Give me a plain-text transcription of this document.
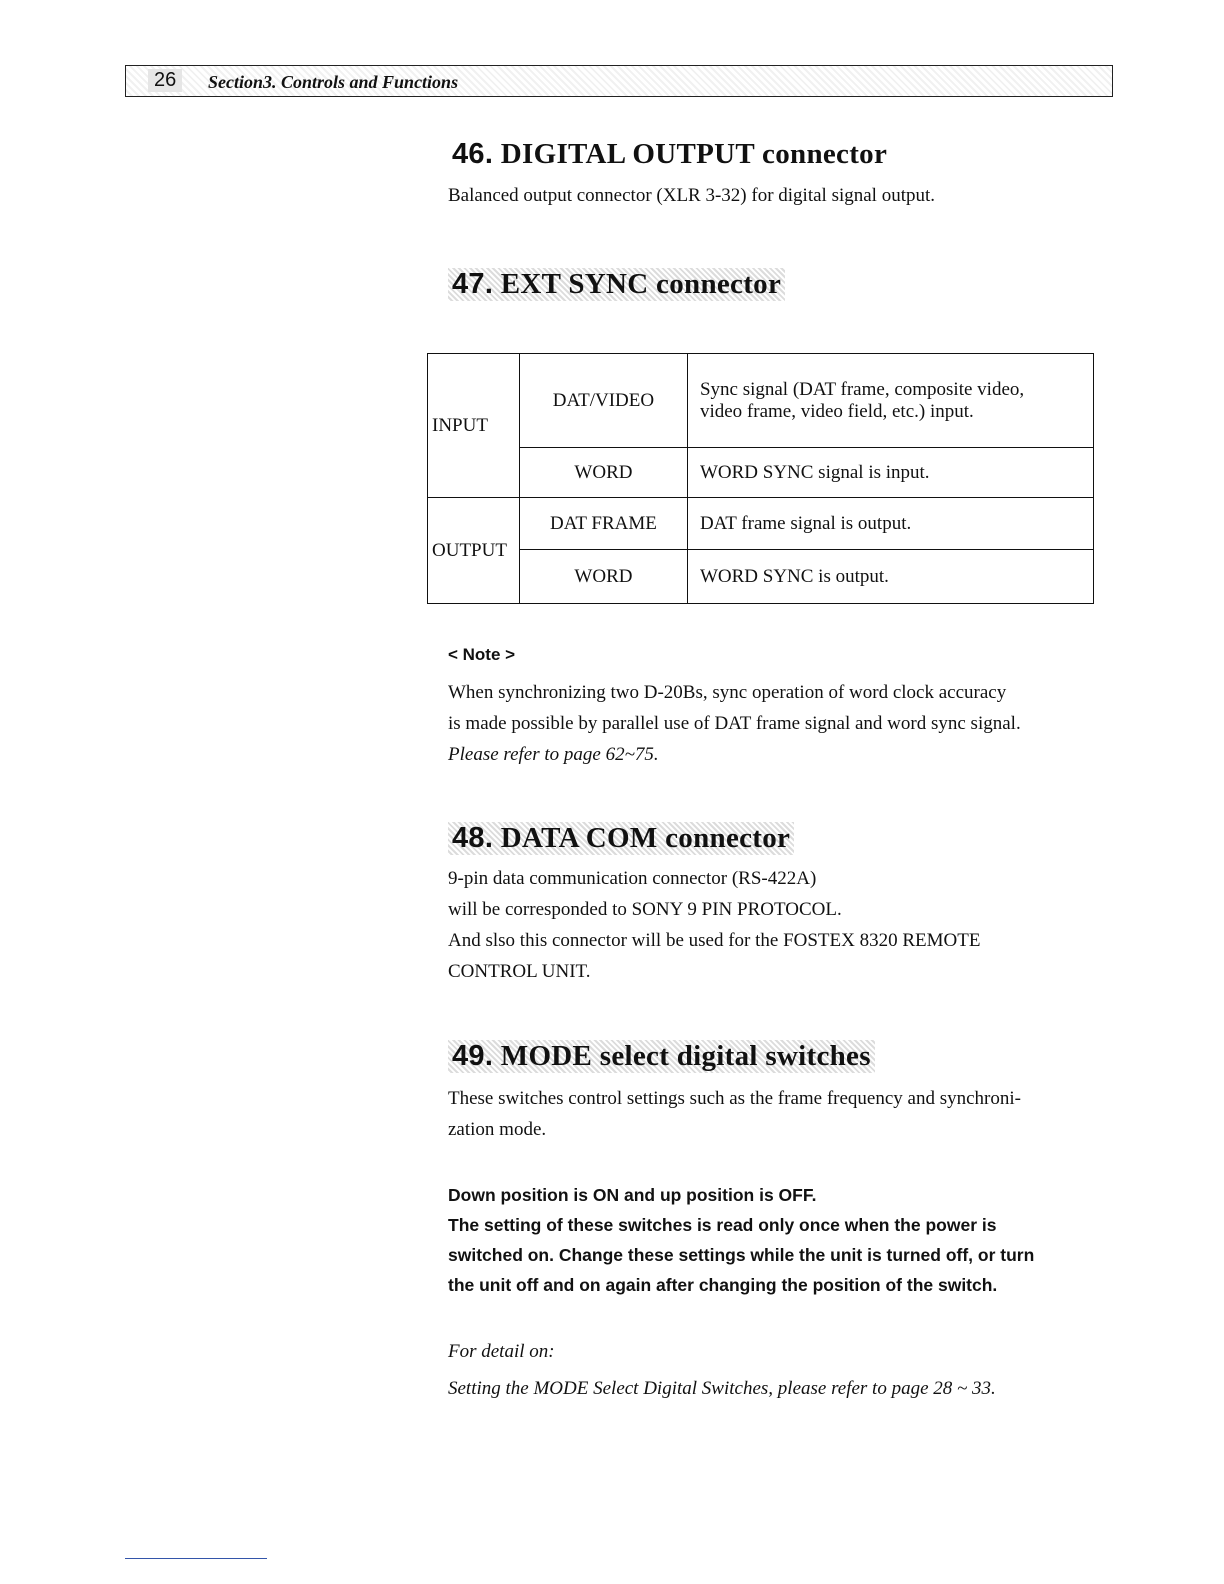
26	Section3. Controls and Functions
46. DIGITAL OUTPUT connector

Balanced output connector (XLR 3-32) for digital signal output.

47. EXT SYNC connector
INPUT	DAT/VIDEO	Sync signal (DAT frame, composite video,
video frame, video field, etc.) input.

	WORD	WORD SYNC signal is input.
OUTPUT	DAT FRAME	DAT frame signal is output.
	WORD	WORD SYNC is output.
< Note >

When synchronizing two D-20Bs, sync operation of word clock accuracy

is made possible by parallel use of DAT frame signal and word sync signal.

Please refer to page 62~75.

48. DATA COM connector

9-pin data communication connector (RS-422A)

will be corresponded to SONY 9 PIN PROTOCOL.

And slso this connector will be used for the FOSTEX 8320 REMOTE

CONTROL UNIT.

49. MODE select digital switches

These switches control settings such as the frame frequency and synchroni-

zation mode.

Down position is ON and up position is OFF.

The setting of these switches is read only once when the power is

switched on. Change these settings while the unit is turned off, or turn

the unit off and on again after changing the position of the switch.

For detail on:

Setting the MODE Select Digital Switches, please refer to page 28 ~ 33.
